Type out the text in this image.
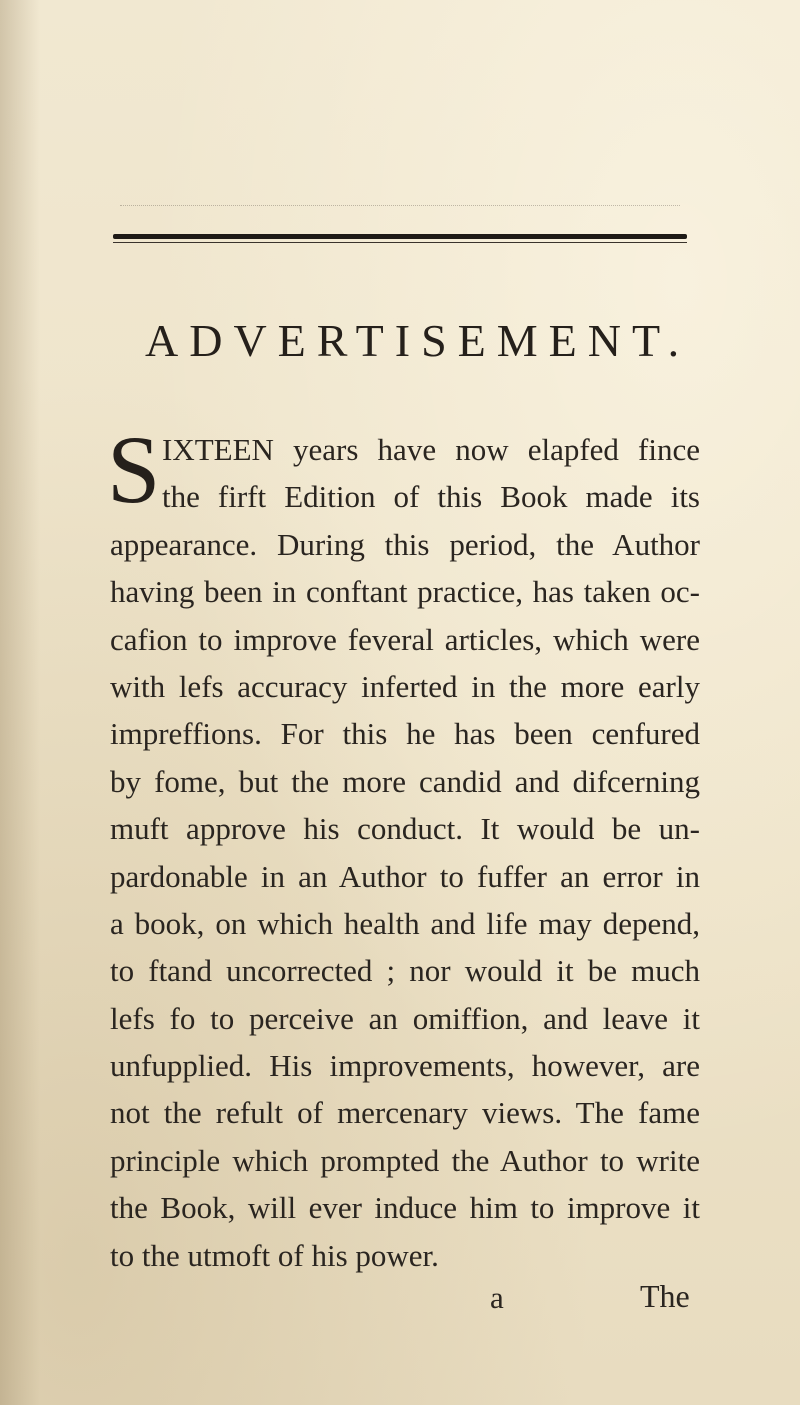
ADVERTISEMENT.
S IXTEEN years have now elapfed fince
the firft Edition of this Book made its
appearance. During this period, the Author
having been in conftant practice, has taken oc-
cafion to improve feveral articles, which were
with lefs accuracy inferted in the more early
impreffions. For this he has been cenfured
by fome, but the more candid and difcerning
muft approve his conduct. It would be un-
pardonable in an Author to fuffer an error in
a book, on which health and life may depend,
to ftand uncorrected ; nor would it be much
lefs fo to perceive an omiffion, and leave it
unfupplied. His improvements, however, are
not the refult of mercenary views. The fame
principle which prompted the Author to write
the Book, will ever induce him to improve it
to the utmoft of his power.
a	The
